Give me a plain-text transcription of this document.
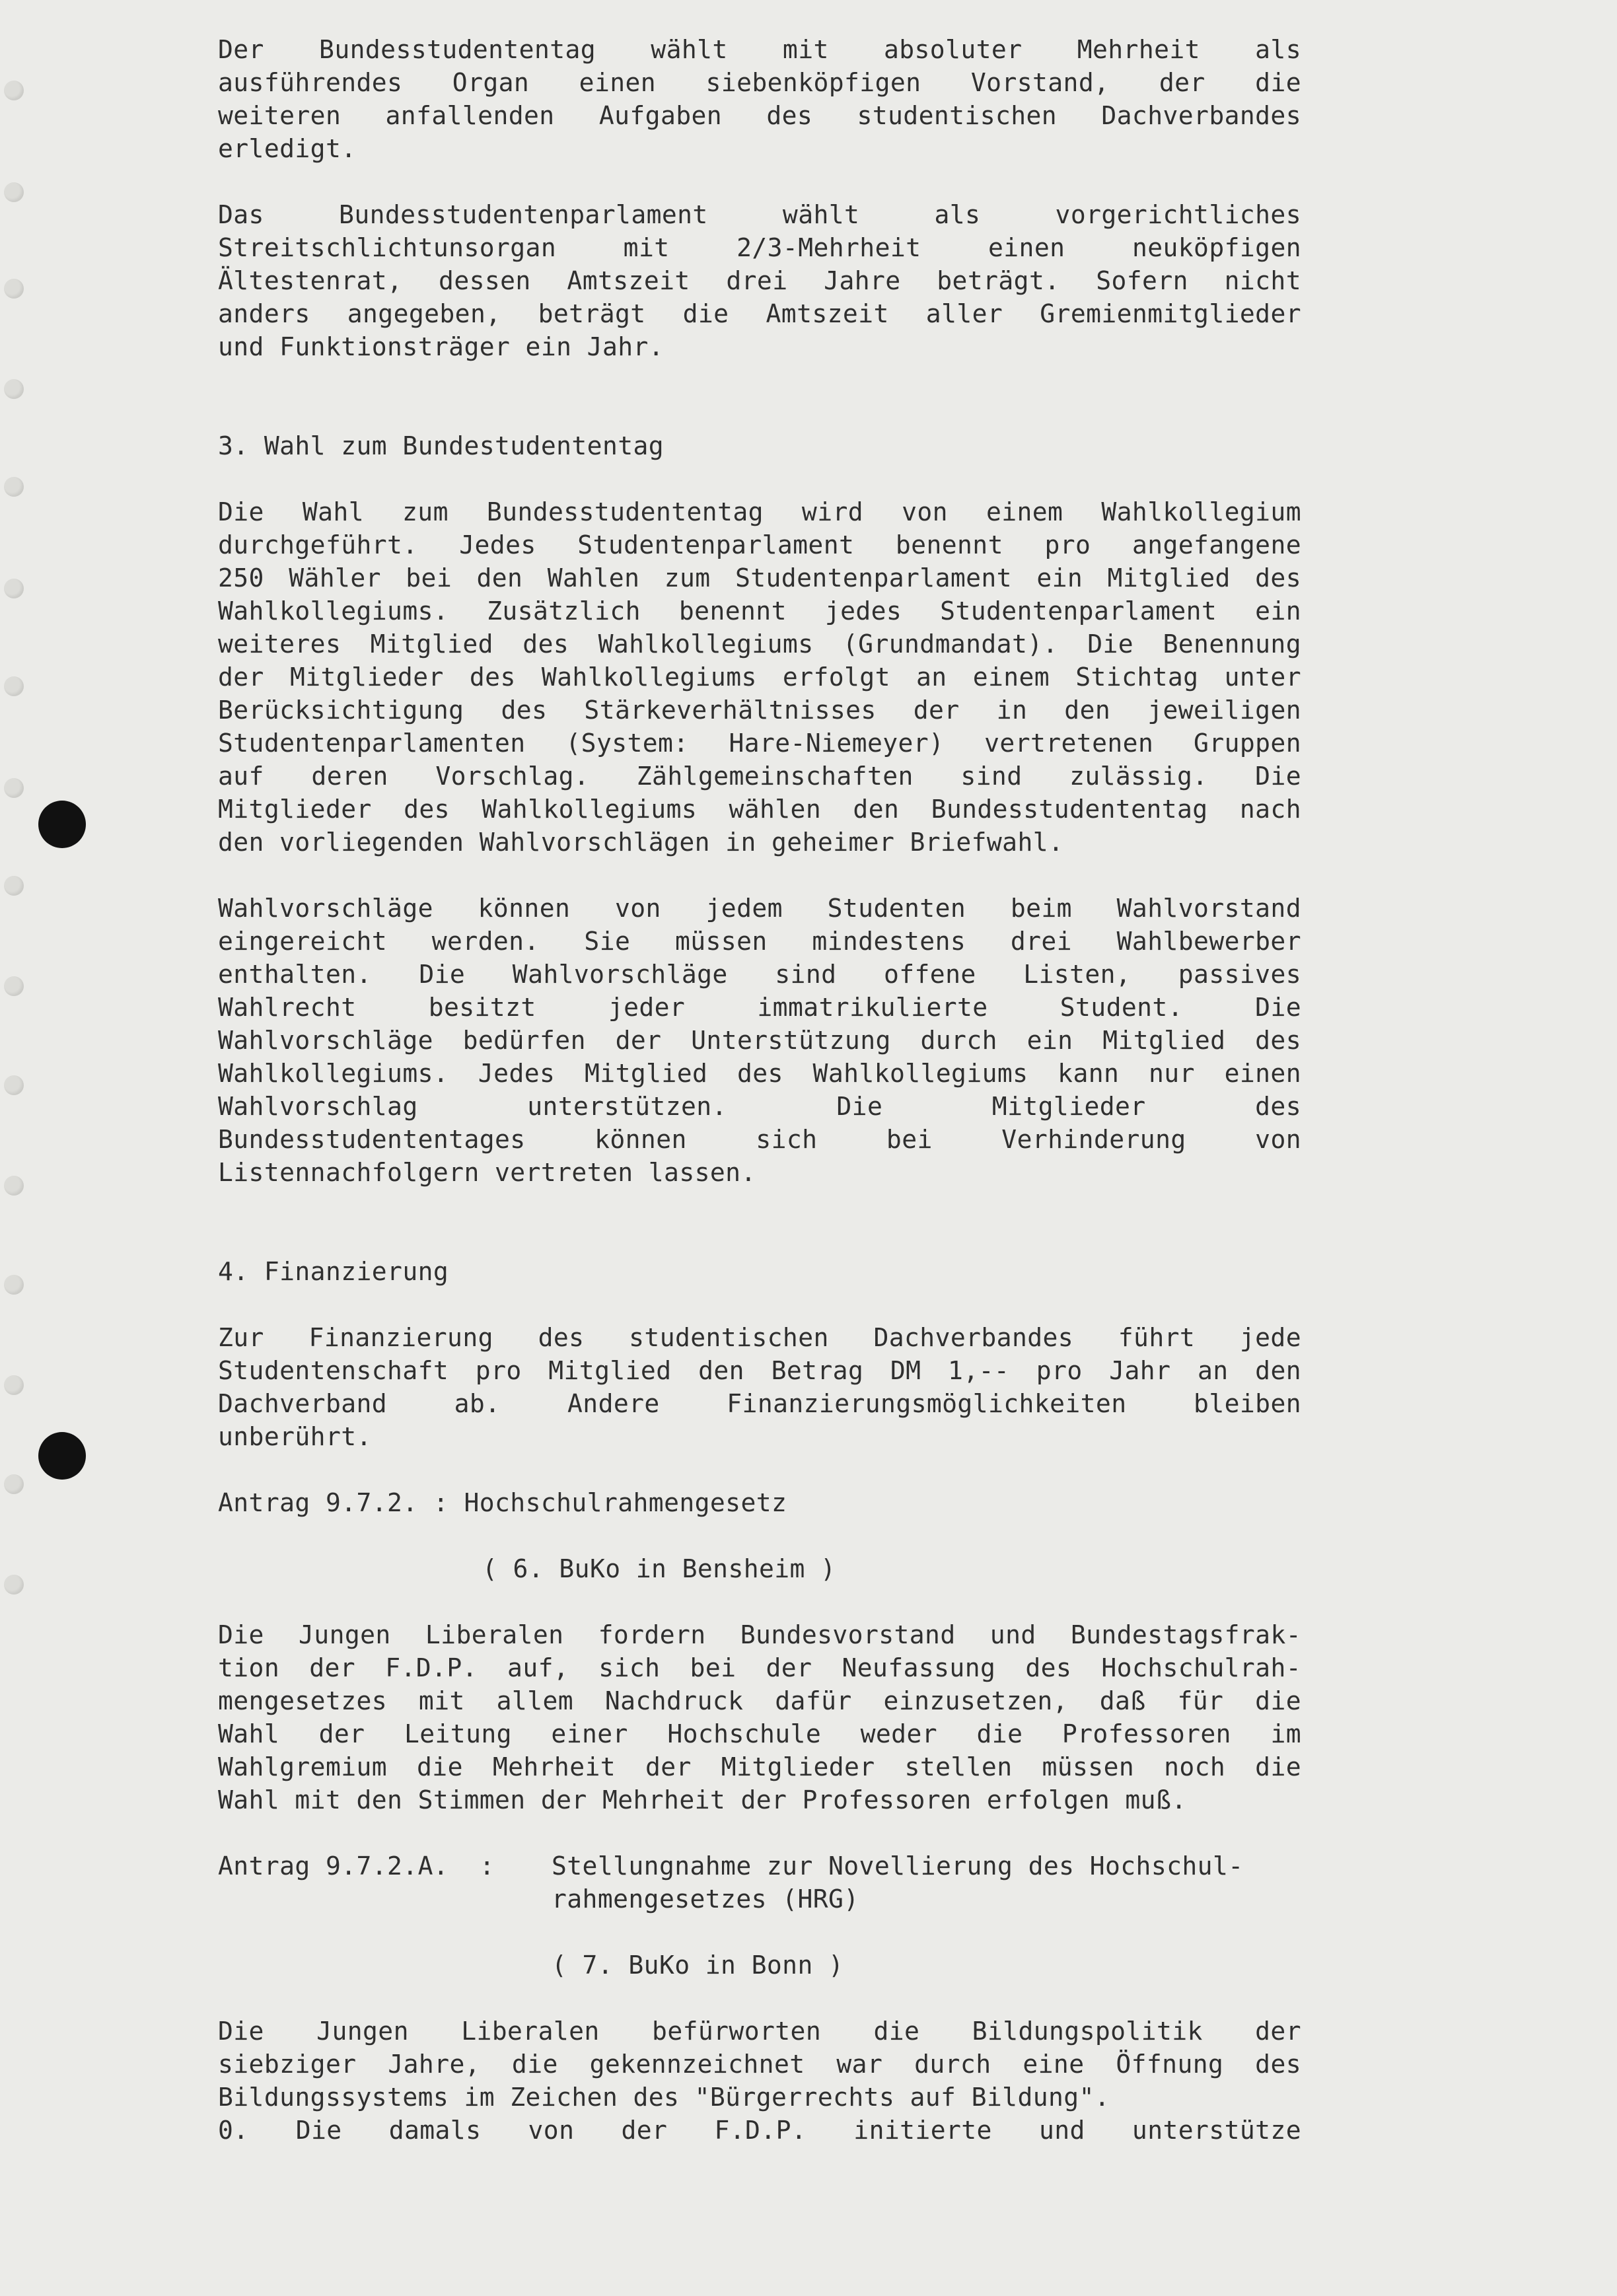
Der Bundesstudententag wählt mit absoluter Mehrheit als
ausführendes Organ einen siebenköpfigen Vorstand, der die
weiteren anfallenden Aufgaben des studentischen Dachverbandes
erledigt.

Das Bundesstudentenparlament wählt als vorgerichtliches
Streitschlichtunsorgan mit 2/3-Mehrheit einen neuköpfigen
Ältestenrat, dessen Amtszeit drei Jahre beträgt. Sofern nicht
anders angegeben, beträgt die Amtszeit aller Gremienmitglieder
und Funktionsträger ein Jahr.

3. Wahl zum Bundestudententag

Die Wahl zum Bundesstudententag wird von einem Wahlkollegium
durchgeführt. Jedes Studentenparlament benennt pro angefangene
250 Wähler bei den Wahlen zum Studentenparlament ein Mitglied des
Wahlkollegiums. Zusätzlich benennt jedes Studentenparlament ein
weiteres Mitglied des Wahlkollegiums (Grundmandat). Die Benennung
der Mitglieder des Wahlkollegiums erfolgt an einem Stichtag unter
Berücksichtigung des Stärkeverhältnisses der in den jeweiligen
Studentenparlamenten (System: Hare-Niemeyer) vertretenen Gruppen
auf deren Vorschlag. Zählgemeinschaften sind zulässig. Die
Mitglieder des Wahlkollegiums wählen den Bundesstudententag nach
den vorliegenden Wahlvorschlägen in geheimer Briefwahl.

Wahlvorschläge können von jedem Studenten beim Wahlvorstand
eingereicht werden. Sie müssen mindestens drei Wahlbewerber
enthalten. Die Wahlvorschläge sind offene Listen, passives
Wahlrecht besitzt jeder immatrikulierte Student. Die
Wahlvorschläge bedürfen der Unterstützung durch ein Mitglied des
Wahlkollegiums. Jedes Mitglied des Wahlkollegiums kann nur einen
Wahlvorschlag unterstützen. Die Mitglieder des
Bundesstudententages können sich bei Verhinderung von
Listennachfolgern vertreten lassen.

4. Finanzierung

Zur Finanzierung des studentischen Dachverbandes führt jede
Studentenschaft pro Mitglied den Betrag DM 1,-- pro Jahr an den
Dachverband ab. Andere Finanzierungsmöglichkeiten bleiben
unberührt.

Antrag 9.7.2. : Hochschulrahmengesetz

( 6. BuKo in Bensheim )

Die Jungen Liberalen fordern Bundesvorstand und Bundestagsfrak-
tion der F.D.P. auf, sich bei der Neufassung des Hochschulrah-
mengesetzes mit allem Nachdruck dafür einzusetzen, daß für die
Wahl der Leitung einer Hochschule weder die Professoren im
Wahlgremium die Mehrheit der Mitglieder stellen müssen noch die
Wahl mit den Stimmen der Mehrheit der Professoren erfolgen muß.

Antrag 9.7.2.A.  :	Stellungnahme zur Novellierung des Hochschul-
rahmengesetzes (HRG)

( 7. BuKo in Bonn )

Die Jungen Liberalen befürworten die Bildungspolitik der
siebziger Jahre, die gekennzeichnet war durch eine Öffnung des
Bildungssystems im Zeichen des "Bürgerrechts auf Bildung".
0. Die damals von der F.D.P. initierte und unterstütze
